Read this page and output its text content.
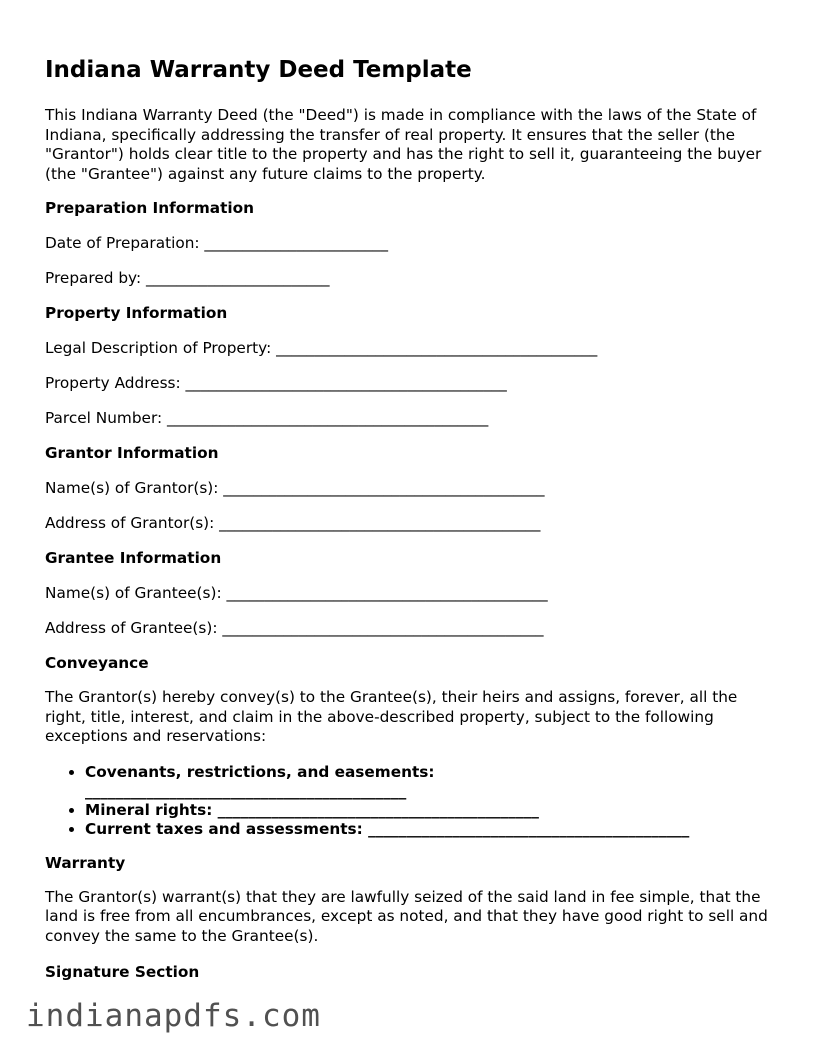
Indiana Warranty Deed Template

This Indiana Warranty Deed (the "Deed") is made in compliance with the laws of the State of Indiana, specifically addressing the transfer of real property. It ensures that the seller (the "Grantor") holds clear title to the property and has the right to sell it, guaranteeing the buyer (the "Grantee") against any future claims to the property.

Preparation Information
Date of Preparation: ________________________
Prepared by: ________________________
Property Information
Legal Description of Property: __________________________________________
Property Address: __________________________________________
Parcel Number: __________________________________________
Grantor Information
Name(s) of Grantor(s): __________________________________________
Address of Grantor(s): __________________________________________
Grantee Information
Name(s) of Grantee(s): __________________________________________
Address of Grantee(s): __________________________________________
Conveyance

The Grantor(s) hereby convey(s) to the Grantee(s), their heirs and assigns, forever, all the right, title, interest, and claim in the above-described property, subject to the following exceptions and reservations:

• Covenants, restrictions, and easements: __________________________________________
• Mineral rights: __________________________________________
• Current taxes and assessments: __________________________________________
Warranty

The Grantor(s) warrant(s) that they are lawfully seized of the said land in fee simple, that the land is free from all encumbrances, except as noted, and that they have good right to sell and convey the same to the Grantee(s).

Signature Section
indianapdfs.com
